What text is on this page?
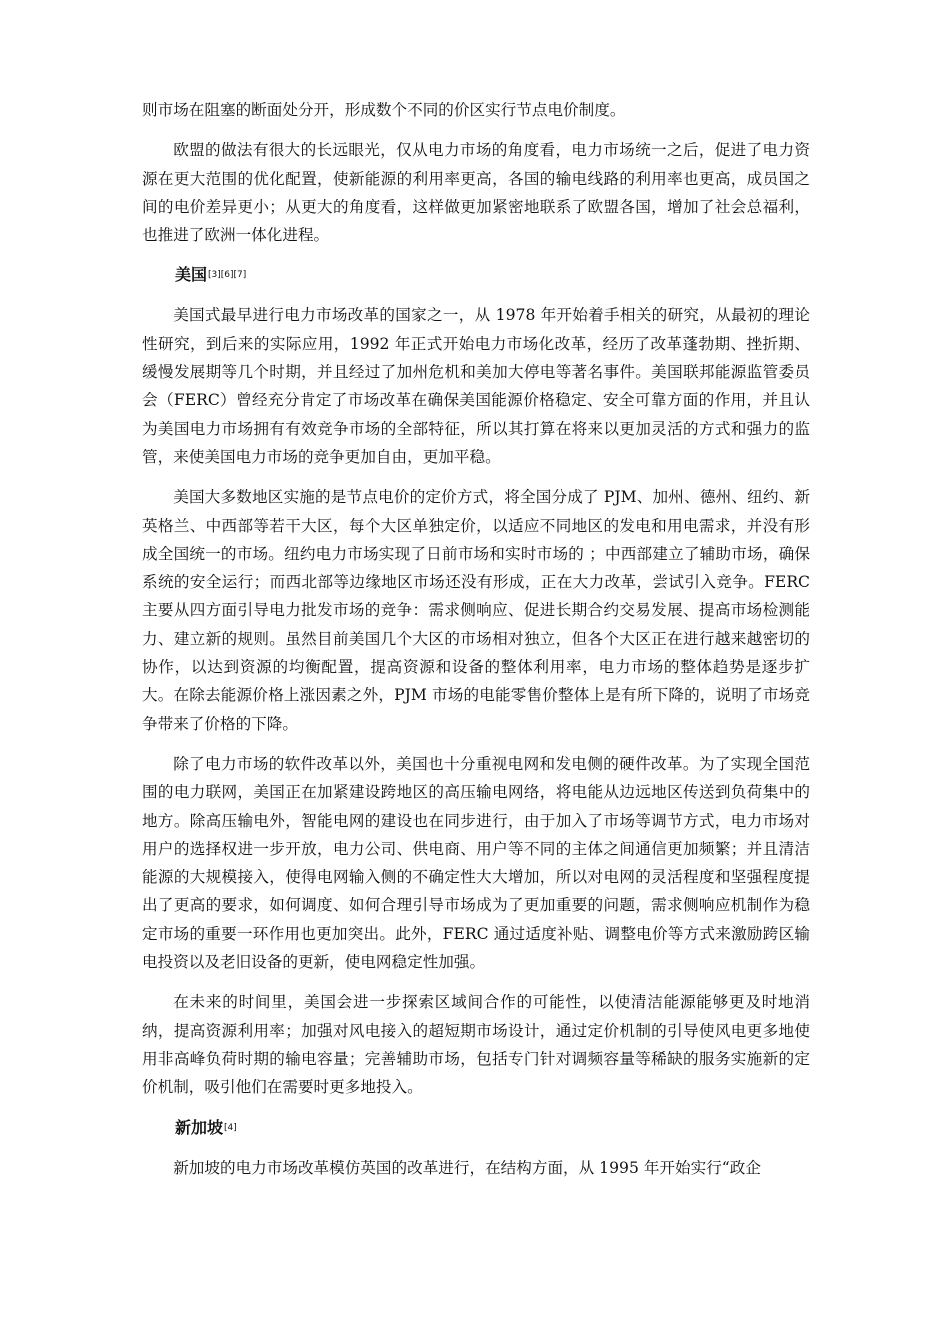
则市场在阻塞的断面处分开，形成数个不同的价区实行节点电价制度。

欧盟的做法有很大的长远眼光，仅从电力市场的角度看，电力市场统一之后，促进了电力资源在更大范围的优化配置，使新能源的利用率更高，各国的输电线路的利用率也更高，成员国之间的电价差异更小；从更大的角度看，这样做更加紧密地联系了欧盟各国，增加了社会总福利，也推进了欧洲一体化进程。

美国[3][6][7]

美国式最早进行电力市场改革的国家之一，从 1978 年开始着手相关的研究，从最初的理论性研究，到后来的实际应用，1992 年正式开始电力市场化改革，经历了改革蓬勃期、挫折期、缓慢发展期等几个时期，并且经过了加州危机和美加大停电等著名事件。美国联邦能源监管委员会（FERC）曾经充分肯定了市场改革在确保美国能源价格稳定、安全可靠方面的作用，并且认为美国电力市场拥有有效竞争市场的全部特征，所以其打算在将来以更加灵活的方式和强力的监管，来使美国电力市场的竞争更加自由，更加平稳。

美国大多数地区实施的是节点电价的定价方式，将全国分成了 PJM、加州、德州、纽约、新英格兰、中西部等若干大区，每个大区单独定价，以适应不同地区的发电和用电需求，并没有形成全国统一的市场。纽约电力市场实现了日前市场和实时市场的 ；中西部建立了辅助市场，确保系统的安全运行；而西北部等边缘地区市场还没有形成，正在大力改革，尝试引入竞争。FERC 主要从四方面引导电力批发市场的竞争：需求侧响应、促进长期合约交易发展、提高市场检测能力、建立新的规则。虽然目前美国几个大区的市场相对独立，但各个大区正在进行越来越密切的协作，以达到资源的均衡配置，提高资源和设备的整体利用率，电力市场的整体趋势是逐步扩大。在除去能源价格上涨因素之外，PJM 市场的电能零售价整体上是有所下降的，说明了市场竞争带来了价格的下降。

除了电力市场的软件改革以外，美国也十分重视电网和发电侧的硬件改革。为了实现全国范围的电力联网，美国正在加紧建设跨地区的高压输电网络，将电能从边远地区传送到负荷集中的地方。除高压输电外，智能电网的建设也在同步进行，由于加入了市场等调节方式，电力市场对用户的选择权进一步开放，电力公司、供电商、用户等不同的主体之间通信更加频繁；并且清洁能源的大规模接入，使得电网输入侧的不确定性大大增加，所以对电网的灵活程度和坚强程度提出了更高的要求，如何调度、如何合理引导市场成为了更加重要的问题，需求侧响应机制作为稳定市场的重要一环作用也更加突出。此外，FERC 通过适度补贴、调整电价等方式来激励跨区输电投资以及老旧设备的更新，使电网稳定性加强。

在未来的时间里，美国会进一步探索区域间合作的可能性，以使清洁能源能够更及时地消纳，提高资源利用率；加强对风电接入的超短期市场设计，通过定价机制的引导使风电更多地使用非高峰负荷时期的输电容量；完善辅助市场，包括专门针对调频容量等稀缺的服务实施新的定价机制，吸引他们在需要时更多地投入。

新加坡[4]

新加坡的电力市场改革模仿英国的改革进行，在结构方面，从 1995 年开始实行“政企
